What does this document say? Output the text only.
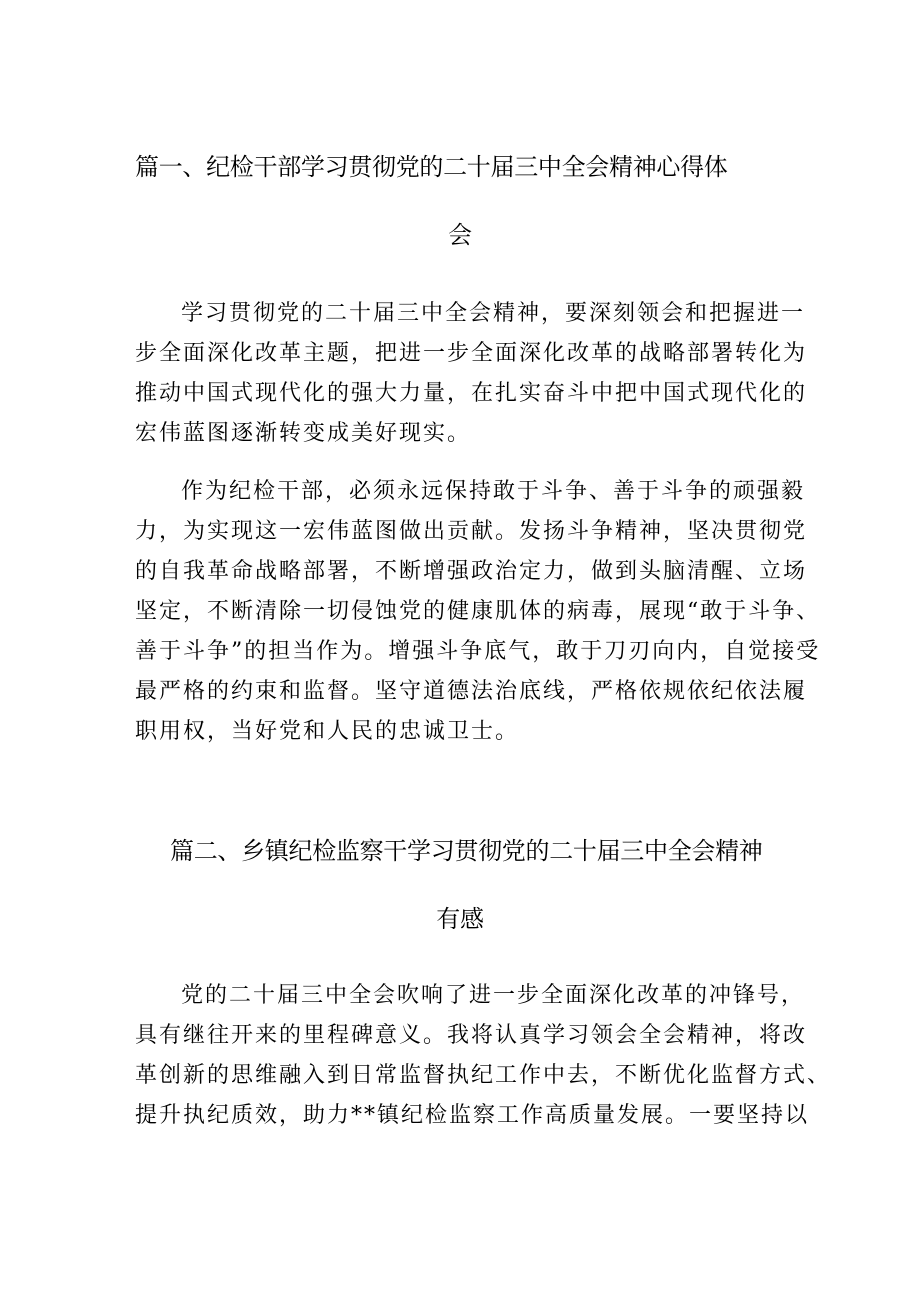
篇一、纪检干部学习贯彻党的二十届三中全会精神心得体
会
学习贯彻党的二十届三中全会精神，要深刻领会和把握进一
步全面深化改革主题，把进一步全面深化改革的战略部署转化为
推动中国式现代化的强大力量，在扎实奋斗中把中国式现代化的
宏伟蓝图逐渐转变成美好现实。
作为纪检干部，必须永远保持敢于斗争、善于斗争的顽强毅
力，为实现这一宏伟蓝图做出贡献。发扬斗争精神，坚决贯彻党
的自我革命战略部署，不断增强政治定力，做到头脑清醒、立场
坚定，不断清除一切侵蚀党的健康肌体的病毒，展现“敢于斗争、
善于斗争”的担当作为。增强斗争底气，敢于刀刃向内，自觉接受
最严格的约束和监督。坚守道德法治底线，严格依规依纪依法履
职用权，当好党和人民的忠诚卫士。
篇二、乡镇纪检监察干学习贯彻党的二十届三中全会精神
有感
党的二十届三中全会吹响了进一步全面深化改革的冲锋号，
具有继往开来的里程碑意义。我将认真学习领会全会精神，将改
革创新的思维融入到日常监督执纪工作中去，不断优化监督方式、
提升执纪质效，助力**镇纪检监察工作高质量发展。一要坚持以
